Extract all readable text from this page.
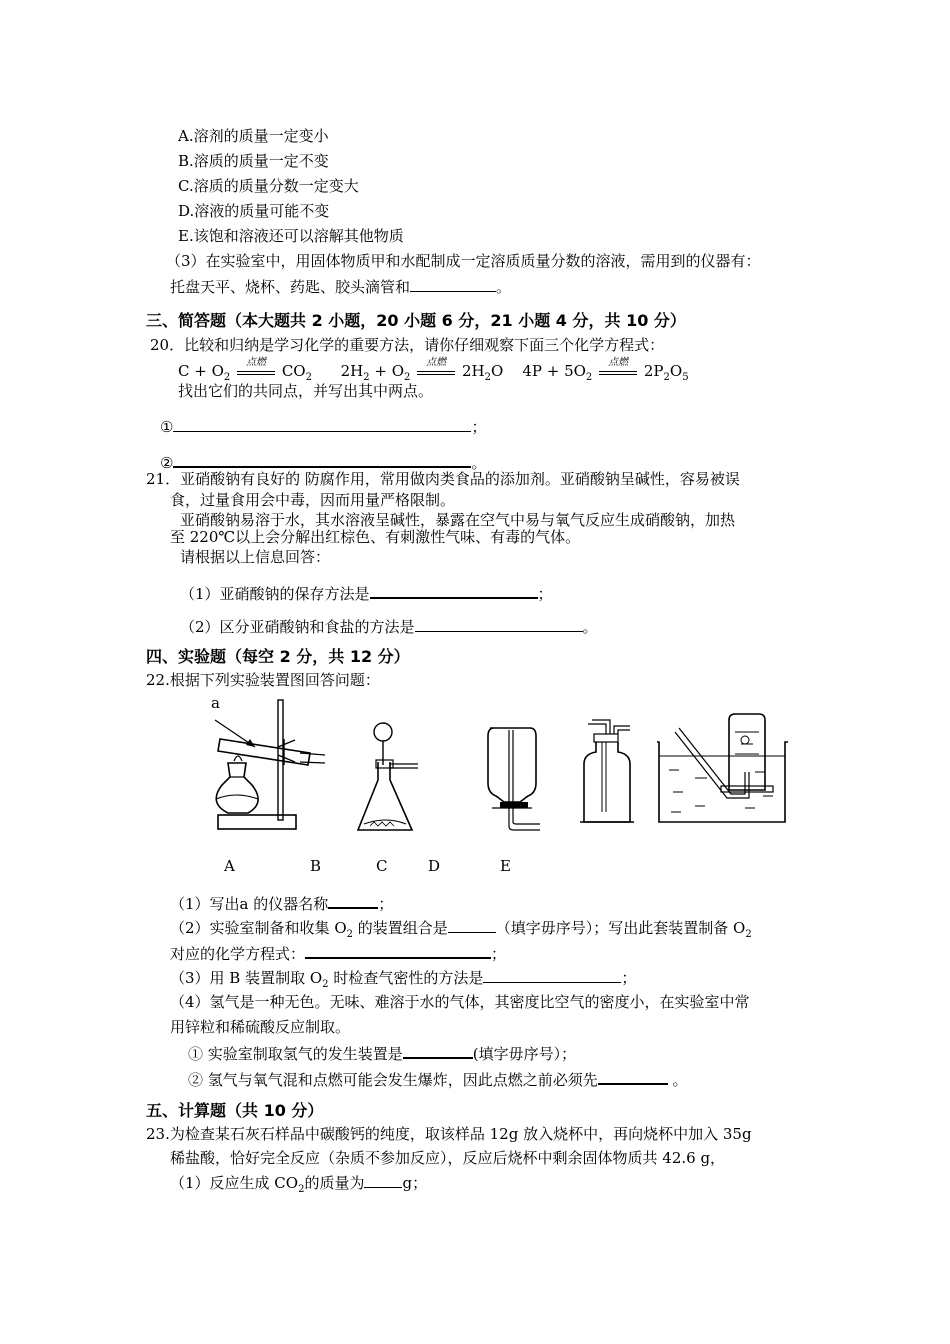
A.溶剂的质量一定变小
B.溶质的质量一定不变
C.溶质的质量分数一定变大
D.溶液的质量可能不变
E.该饱和溶液还可以溶解其他物质
（3）在实验室中，用固体物质甲和水配制成一定溶质质量分数的溶液，需用到的仪器有：
托盘天平、烧杯、药匙、胶头滴管和	。
三、简答题（本大题共 2 小题，20 小题 6 分，21 小题 4 分，共 10 分）
20．比较和归纳是学习化学的重要方法，请你仔细观察下面三个化学方程式：
$C + O_2$
点燃	$CO_2$ $2H_2 + O_2$
点燃	$2H_2O$ $4P + 5O_2$
点燃	$2P_2O_5$
找出它们的共同点，并写出其中两点。
①	；
②	。
21．亚硝酸钠有良好的 防腐作用，常用做肉类食品的添加剂。亚硝酸钠呈碱性，容易被误
食，过量食用会中毒，因而用量严格限制。
亚硝酸钠易溶于水，其水溶液呈碱性，暴露在空气中易与氧气反应生成硝酸钠，加热
至 220℃以上会分解出红棕色、有刺激性气味、有毒的气体。
请根据以上信息回答：
（1）亚硝酸钠的保存方法是	；
（2）区分亚硝酸钠和食盐的方法是	。
四、实验题（每空 2 分，共 12 分）
22.根据下列实验装置图回答问题：
a
A	B	C	D	E
（1）写出a 的仪器名称	；
（2）实验室制备和收集 $O_2$ 的装置组合是	（填字毋序号）；写出此套装置制备 $O_2$
对应的化学方程式：	；
（3）用 B 装置制取 $O_2$ 时检查气密性的方法是	；
（4）氢气是一种无色。无味、难溶于水的气体，其密度比空气的密度小，在实验室中常
用锌粒和稀硫酸反应制取。
① 实验室制取氢气的发生装置是	(填字毋序号）；
② 氢气与氧气混和点燃可能会发生爆炸，因此点燃之前必须先	。
五、计算题（共 10 分）
23.为检查某石灰石样品中碳酸钙的纯度，取该样品 12g 放入烧杯中，再向烧杯中加入 35g
稀盐酸，恰好完全反应（杂质不参加反应），反应后烧杯中剩余固体物质共 42.6 g，
（1）反应生成 $CO_2$的质量为	g；
